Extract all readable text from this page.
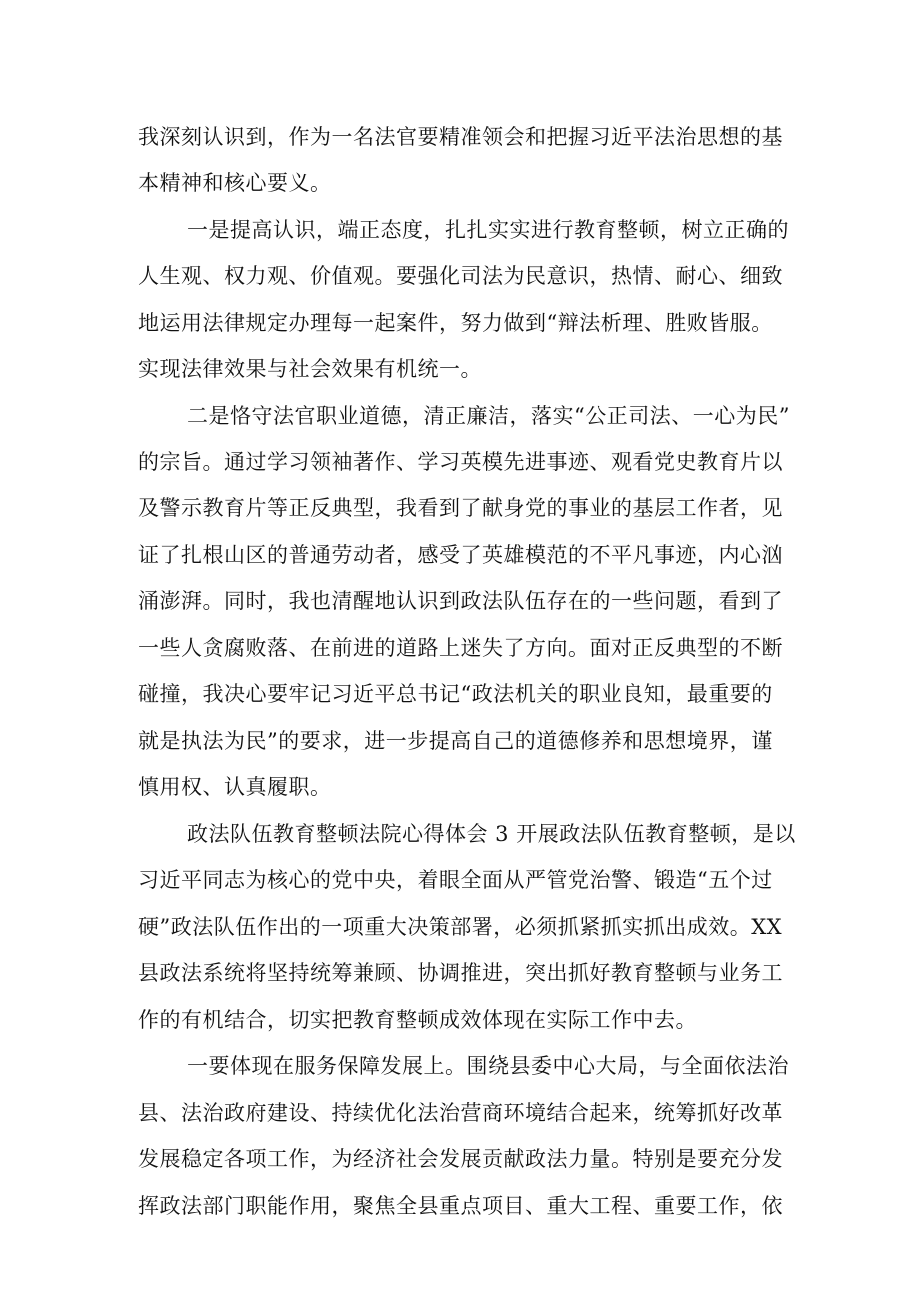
我深刻认识到，作为一名法官要精准领会和把握习近平法治思想的基
本精神和核心要义。
一是提高认识，端正态度，扎扎实实进行教育整顿，树立正确的
人生观、权力观、价值观。要强化司法为民意识，热情、耐心、细致
地运用法律规定办理每一起案件，努力做到“辩法析理、胜败皆服。
实现法律效果与社会效果有机统一。
二是恪守法官职业道德，清正廉洁，落实“公正司法、一心为民”
的宗旨。通过学习领袖著作、学习英模先进事迹、观看党史教育片以
及警示教育片等正反典型，我看到了献身党的事业的基层工作者，见
证了扎根山区的普通劳动者，感受了英雄模范的不平凡事迹，内心汹
涌澎湃。同时，我也清醒地认识到政法队伍存在的一些问题，看到了
一些人贪腐败落、在前进的道路上迷失了方向。面对正反典型的不断
碰撞，我决心要牢记习近平总书记“政法机关的职业良知，最重要的
就是执法为民”的要求，进一步提高自己的道德修养和思想境界，谨
慎用权、认真履职。
政法队伍教育整顿法院心得体会 3 开展政法队伍教育整顿，是以
习近平同志为核心的党中央，着眼全面从严管党治警、锻造“五个过
硬”政法队伍作出的一项重大决策部署，必须抓紧抓实抓出成效。XX
县政法系统将坚持统筹兼顾、协调推进，突出抓好教育整顿与业务工
作的有机结合，切实把教育整顿成效体现在实际工作中去。
一要体现在服务保障发展上。围绕县委中心大局，与全面依法治
县、法治政府建设、持续优化法治营商环境结合起来，统筹抓好改革
发展稳定各项工作，为经济社会发展贡献政法力量。特别是要充分发
挥政法部门职能作用，聚焦全县重点项目、重大工程、重要工作，依
